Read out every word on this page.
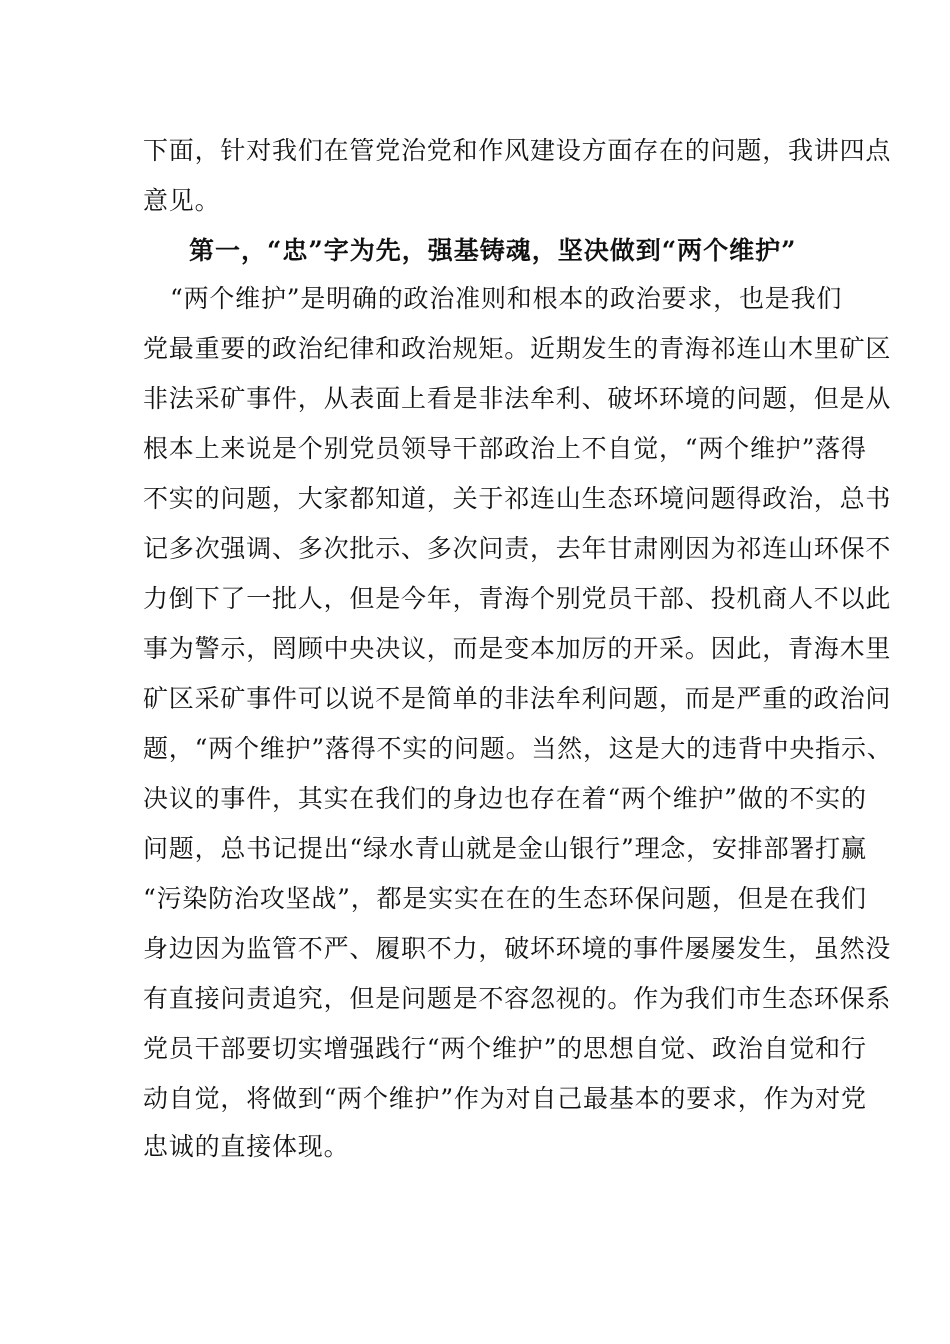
下面，针对我们在管党治党和作风建设方面存在的问题，我讲四点
意见。
第一，“忠”字为先，强基铸魂，坚决做到“两个维护”
“两个维护”是明确的政治准则和根本的政治要求，也是我们
党最重要的政治纪律和政治规矩。近期发生的青海祁连山木里矿区
非法采矿事件，从表面上看是非法牟利、破坏环境的问题，但是从
根本上来说是个别党员领导干部政治上不自觉，“两个维护”落得
不实的问题，大家都知道，关于祁连山生态环境问题得政治，总书
记多次强调、多次批示、多次问责，去年甘肃刚因为祁连山环保不
力倒下了一批人，但是今年，青海个别党员干部、投机商人不以此
事为警示，罔顾中央决议，而是变本加厉的开采。因此，青海木里
矿区采矿事件可以说不是简单的非法牟利问题，而是严重的政治问
题，“两个维护”落得不实的问题。当然，这是大的违背中央指示、
决议的事件，其实在我们的身边也存在着“两个维护”做的不实的
问题，总书记提出“绿水青山就是金山银行”理念，安排部署打赢
“污染防治攻坚战”，都是实实在在的生态环保问题，但是在我们
身边因为监管不严、履职不力，破坏环境的事件屡屡发生，虽然没
有直接问责追究，但是问题是不容忽视的。作为我们市生态环保系
党员干部要切实增强践行“两个维护”的思想自觉、政治自觉和行
动自觉，将做到“两个维护”作为对自己最基本的要求，作为对党
忠诚的直接体现。
